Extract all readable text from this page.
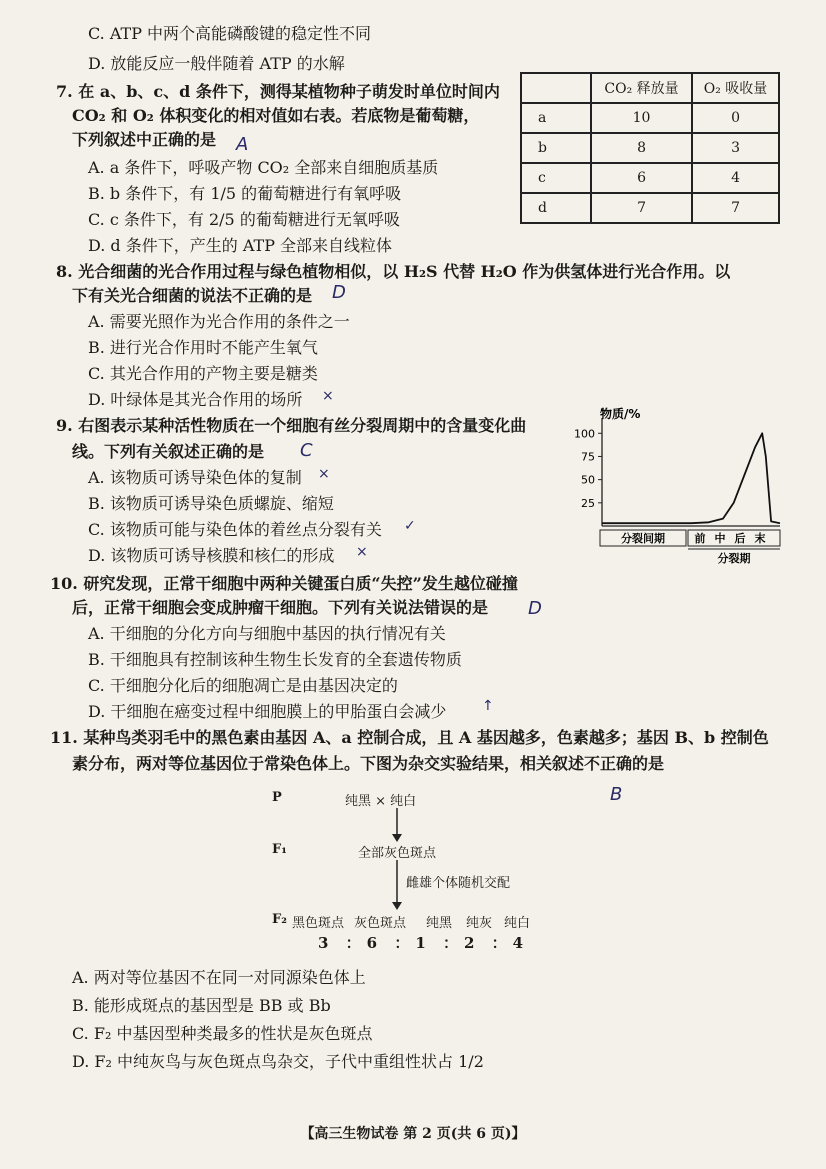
C. ATP 中两个高能磷酸键的稳定性不同
D. 放能反应一般伴随着 ATP 的水解
7. 在 a、b、c、d 条件下，测得某植物种子萌发时单位时间内
CO₂ 和 O₂ 体积变化的相对值如右表。若底物是葡萄糖，
下列叙述中正确的是 A
A. a 条件下，呼吸产物 CO₂ 全部来自细胞质基质
B. b 条件下，有 1/5 的葡萄糖进行有氧呼吸
C. c 条件下，有 2/5 的葡萄糖进行无氧呼吸
D. d 条件下，产生的 ATP 全部来自线粒体
	CO₂ 释放量	O₂ 吸收量
a	10	0
b	8	3
c	6	4
d	7	7
8. 光合细菌的光合作用过程与绿色植物相似，以 H₂S 代替 H₂O 作为供氢体进行光合作用。以
下有关光合细菌的说法不正确的是 D
A. 需要光照作为光合作用的条件之一
B. 进行光合作用时不能产生氧气
C. 其光合作用的产物主要是糖类
D. 叶绿体是其光合作用的场所 ×
9. 右图表示某种活性物质在一个细胞有丝分裂周期中的含量变化曲
线。下列有关叙述正确的是 C
A. 该物质可诱导染色体的复制 ×
B. 该物质可诱导染色质螺旋、缩短
C. 该物质可能与染色体的着丝点分裂有关 ✓
D. 该物质可诱导核膜和核仁的形成 ×
物质/%
25
50
75
100
分裂间期	前 中 后 末
分裂期
10. 研究发现，正常干细胞中两种关键蛋白质“失控”发生越位碰撞
后，正常干细胞会变成肿瘤干细胞。下列有关说法错误的是 D
A. 干细胞的分化方向与细胞中基因的执行情况有关
B. 干细胞具有控制该种生物生长发育的全套遗传物质
C. 干细胞分化后的细胞凋亡是由基因决定的
D. 干细胞在癌变过程中细胞膜上的甲胎蛋白会减少	↑
11. 某种鸟类羽毛中的黑色素由基因 A、a 控制合成，且 A 基因越多，色素越多；基因 B、b 控制色
素分布，两对等位基因位于常染色体上。下图为杂交实验结果，相关叙述不正确的是
B
P	纯黑 × 纯白
F₁	全部灰色斑点
雌雄个体随机交配
F₂ 黑色斑点 灰色斑点 纯黑 纯灰 纯白
3 ：6 ：1 ：2 ：4
A. 两对等位基因不在同一对同源染色体上
B. 能形成斑点的基因型是 BB 或 Bb
C. F₂ 中基因型种类最多的性状是灰色斑点
D. F₂ 中纯灰鸟与灰色斑点鸟杂交，子代中重组性状占 1/2
【高三生物试卷 第 2 页(共 6 页)】
